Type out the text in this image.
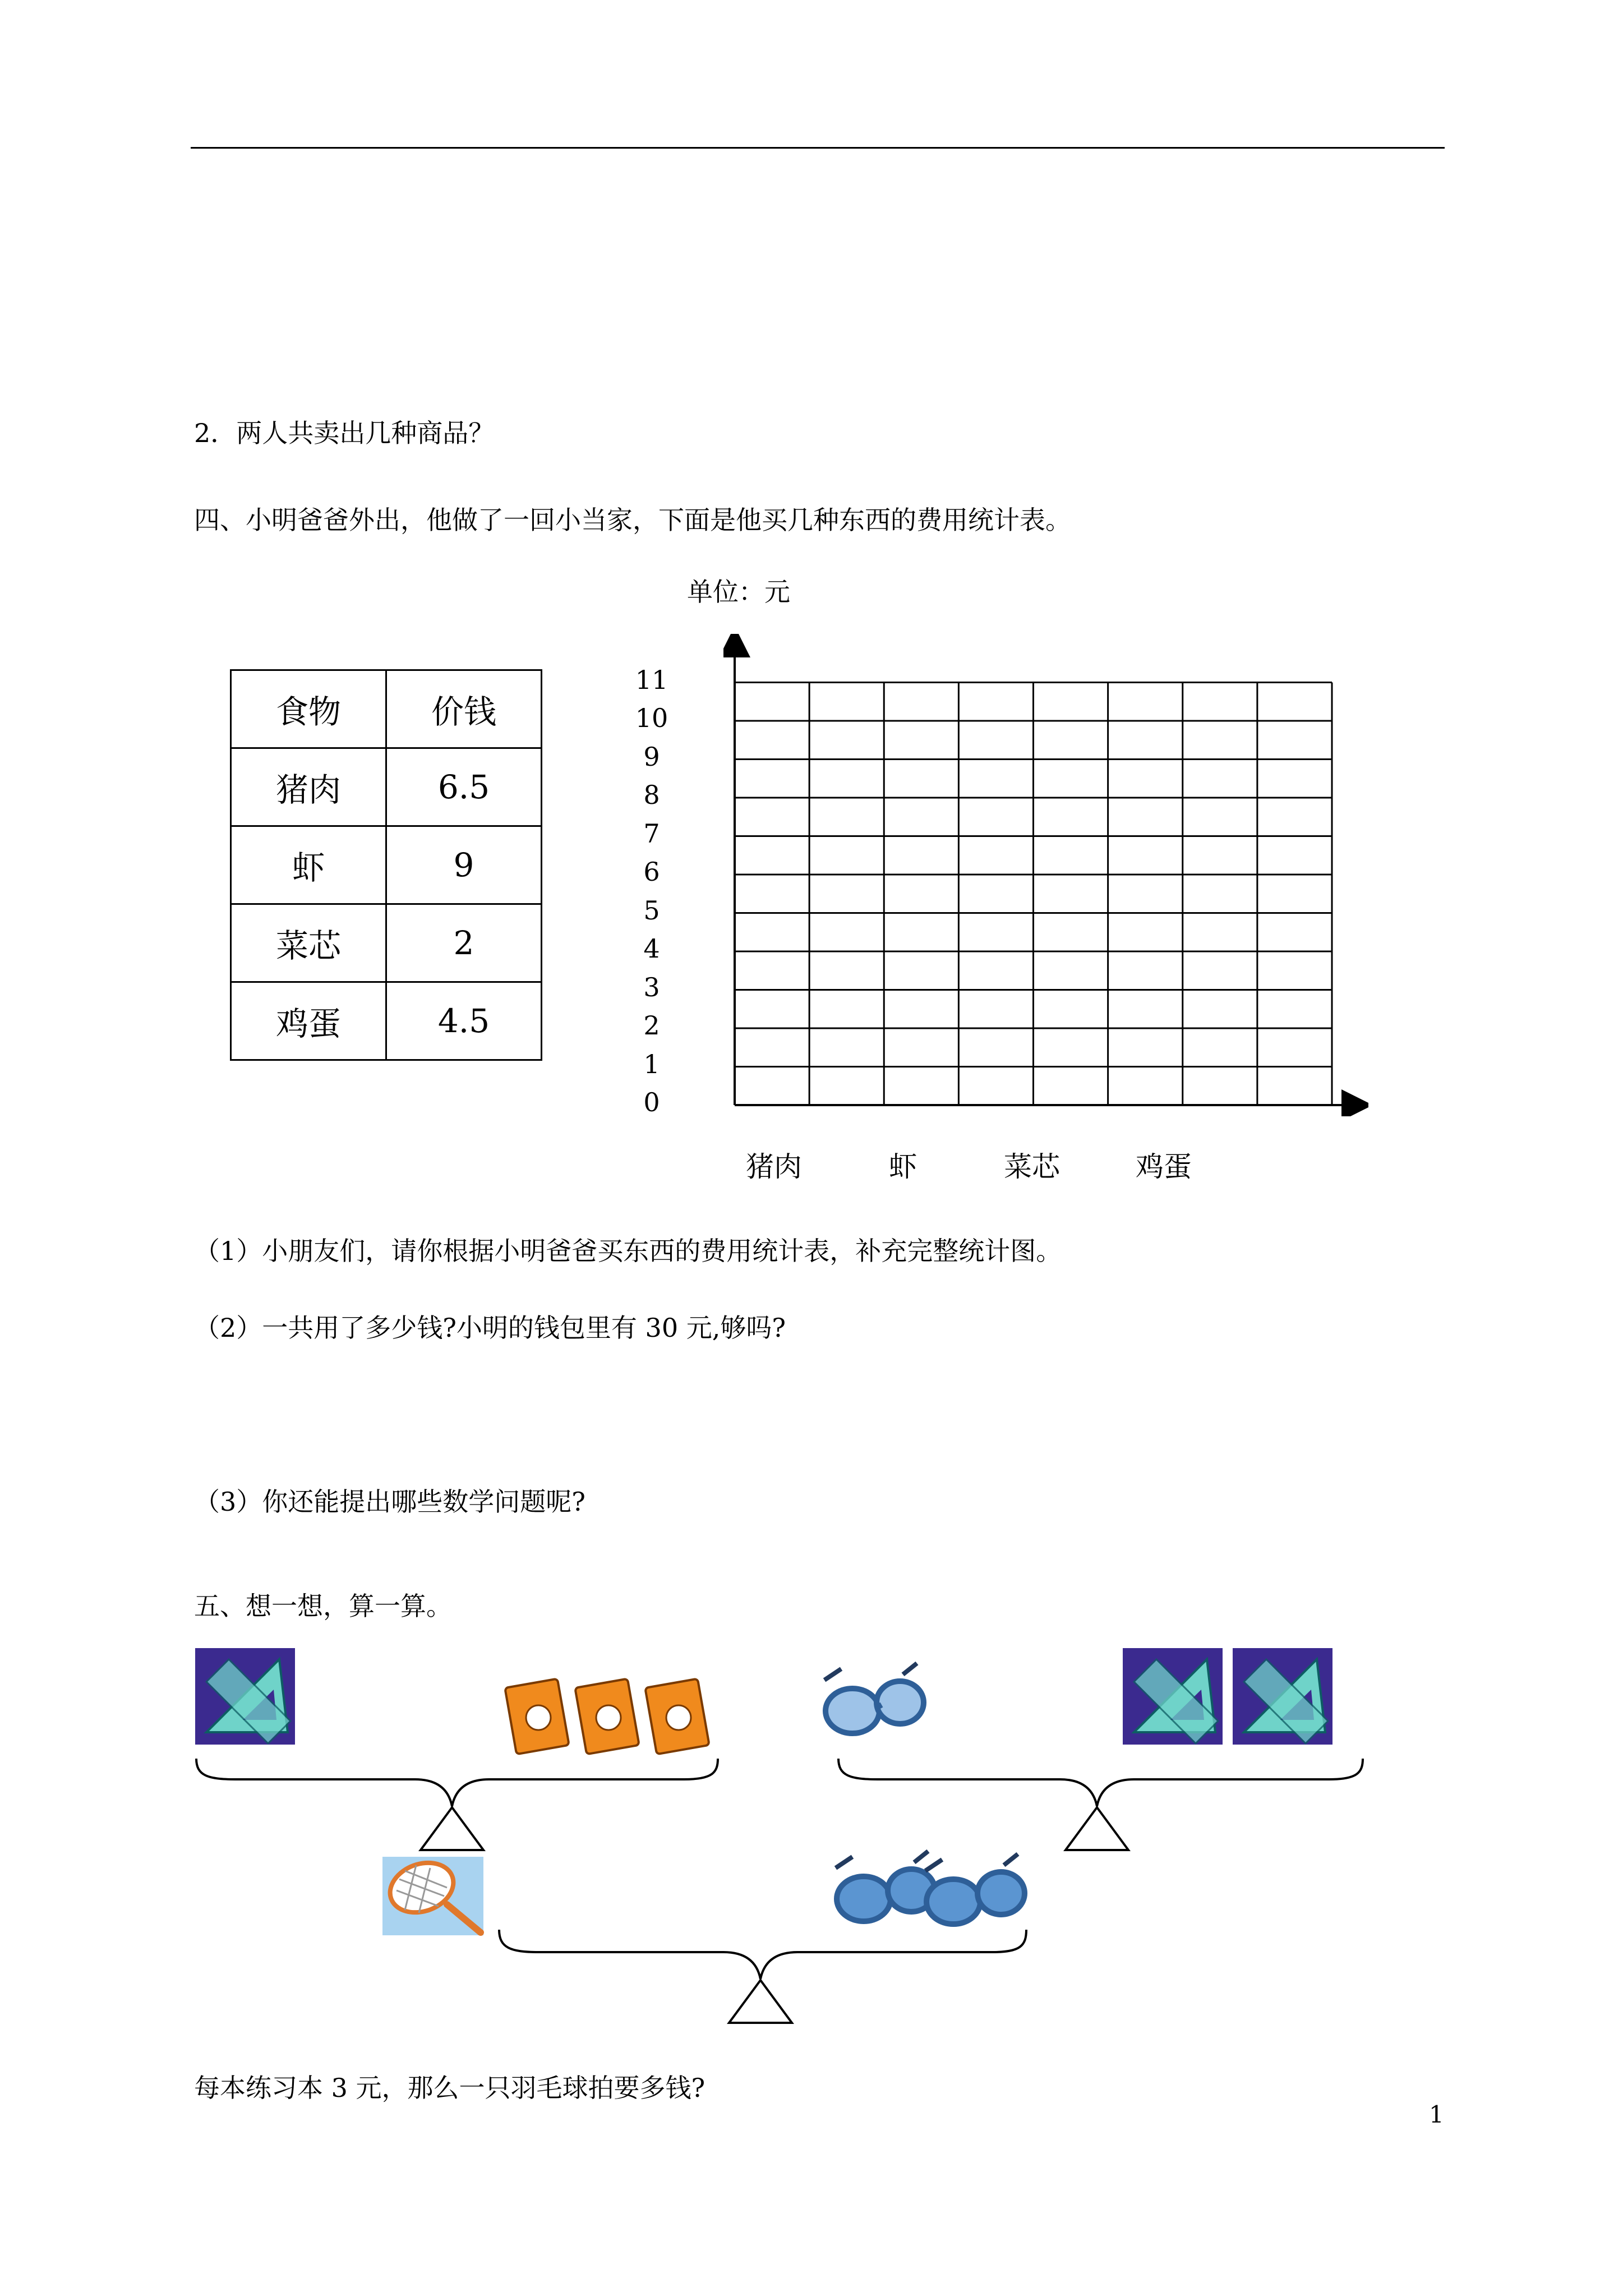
2．两人共卖出几种商品？
四、小明爸爸外出，他做了一回小当家，下面是他买几种东西的费用统计表。
食物	价钱
猪肉	6.5
虾	9
菜芯	2
鸡蛋	4.5
单位：元
0
1
2
3
4
5
6
7
8
9
10
11
猪肉	虾	菜芯	鸡蛋
（1）小朋友们，请你根据小明爸爸买东西的费用统计表，补充完整统计图。
（2）一共用了多少钱?小明的钱包里有 30 元,够吗?
（3）你还能提出哪些数学问题呢?
五、想一想，算一算。
每本练习本 3 元，那么一只羽毛球拍要多钱?
1
